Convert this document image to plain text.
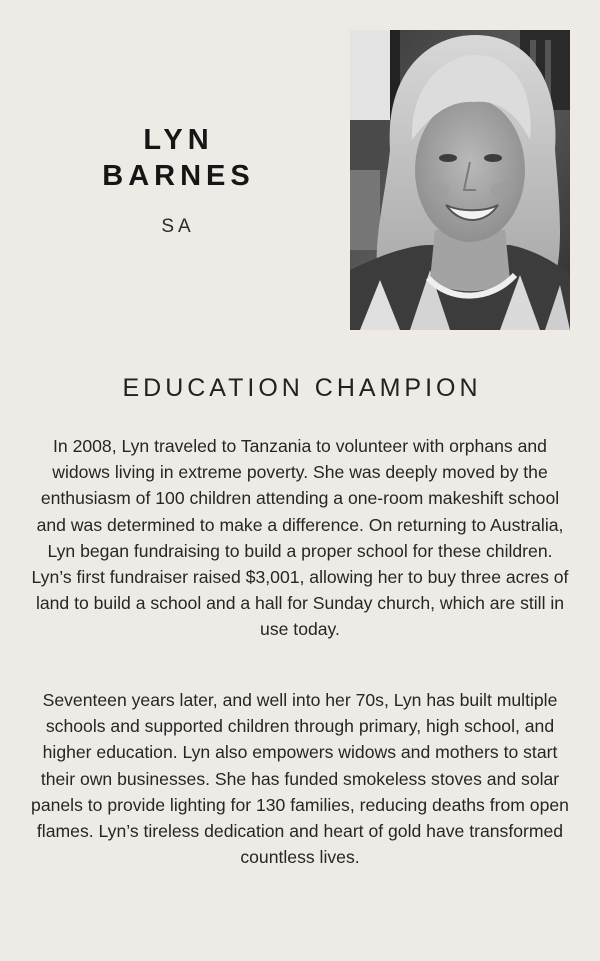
LYN
BARNES
SA
EDUCATION CHAMPION

In 2008, Lyn traveled to Tanzania to volunteer with orphans and widows living in extreme poverty. She was deeply moved by the enthusiasm of 100 children attending a one-room makeshift school and was determined to make a difference. On returning to Australia, Lyn began fundraising to build a proper school for these children. Lyn’s first fundraiser raised $3,001, allowing her to buy three acres of land to build a school and a hall for Sunday church, which are still in use today.

Seventeen years later, and well into her 70s, Lyn has built multiple schools and supported children through primary, high school, and higher education. Lyn also empowers widows and mothers to start their own businesses. She has funded smokeless stoves and solar panels to provide lighting for 130 families, reducing deaths from open flames. Lyn’s tireless dedication and heart of gold have transformed countless lives.
